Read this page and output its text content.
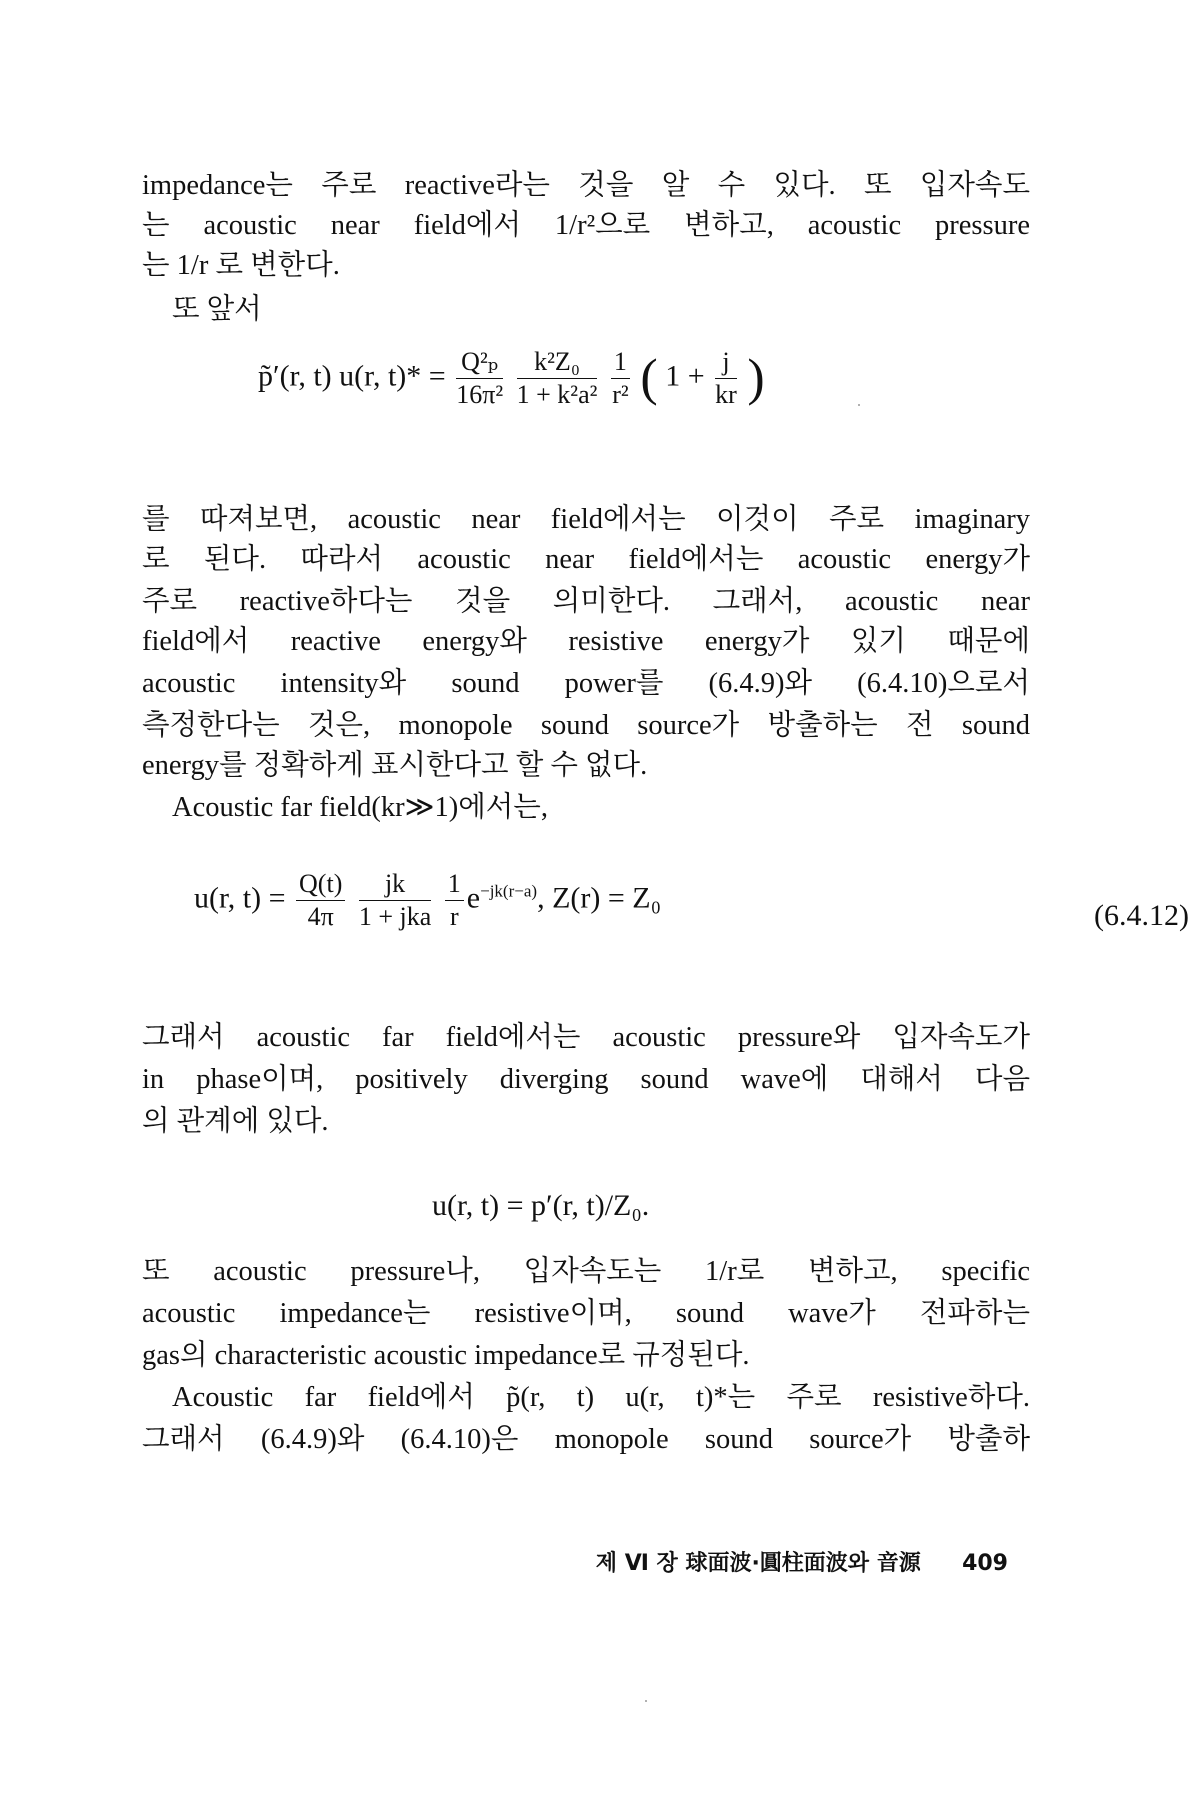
impedance는 주로 reactive라는 것을 알 수 있다. 또 입자속도
는 acoustic near field에서 1/r²으로 변하고, acoustic pressure
는 1/r 로 변한다.
또 앞서
p̃′(r, t) u(r, $t)* = \frac{\text{Q²ₚ}}{\text{16π²}}$
$\frac{\text{k²Z₀}}{\text{1 + k²a²}}$
$\frac{1}{\text{r²}}$ ( $1 + \frac{j}{kr}$ )
를 따져보면, acoustic near field에서는 이것이 주로 imaginary
로 된다. 따라서 acoustic near field에서는 acoustic energy가
주로 reactive하다는 것을 의미한다. 그래서, acoustic near
field에서 reactive energy와 resistive energy가 있기 때문에
acoustic intensity와 sound power를 (6.4.9)와 (6.4.10)으로서
측정한다는 것은, monopole sound source가 방출하는 전 sound
energy를 정확하게 표시한다고 할 수 없다.
Acoustic far field(kr≫1)에서는,
u(r, $t) = \frac{Q(t)}{4\pi}$
$\frac{jk}{\text{1 + jka}}$
$\frac{1}{r} e^{-jk(r-a)}$, Z(r) = Z₀
(6.4.12)
그래서 acoustic far field에서는 acoustic pressure와 입자속도가
in phase이며, positively diverging sound wave에 대해서 다음
의 관계에 있다.
u(r, t) = p′(r, t)/Z₀.
또 acoustic pressure나, 입자속도는 1/r로 변하고, specific
acoustic impedance는 resistive이며, sound wave가 전파하는
gas의 characteristic acoustic impedance로 규정된다.
Acoustic far field에서 p̃(r, t) u(r, t)*는 주로 resistive하다.
그래서 (6.4.9)와 (6.4.10)은 monopole sound source가 방출하
제 Ⅵ 장 球面波·圓柱面波와 音源 409
